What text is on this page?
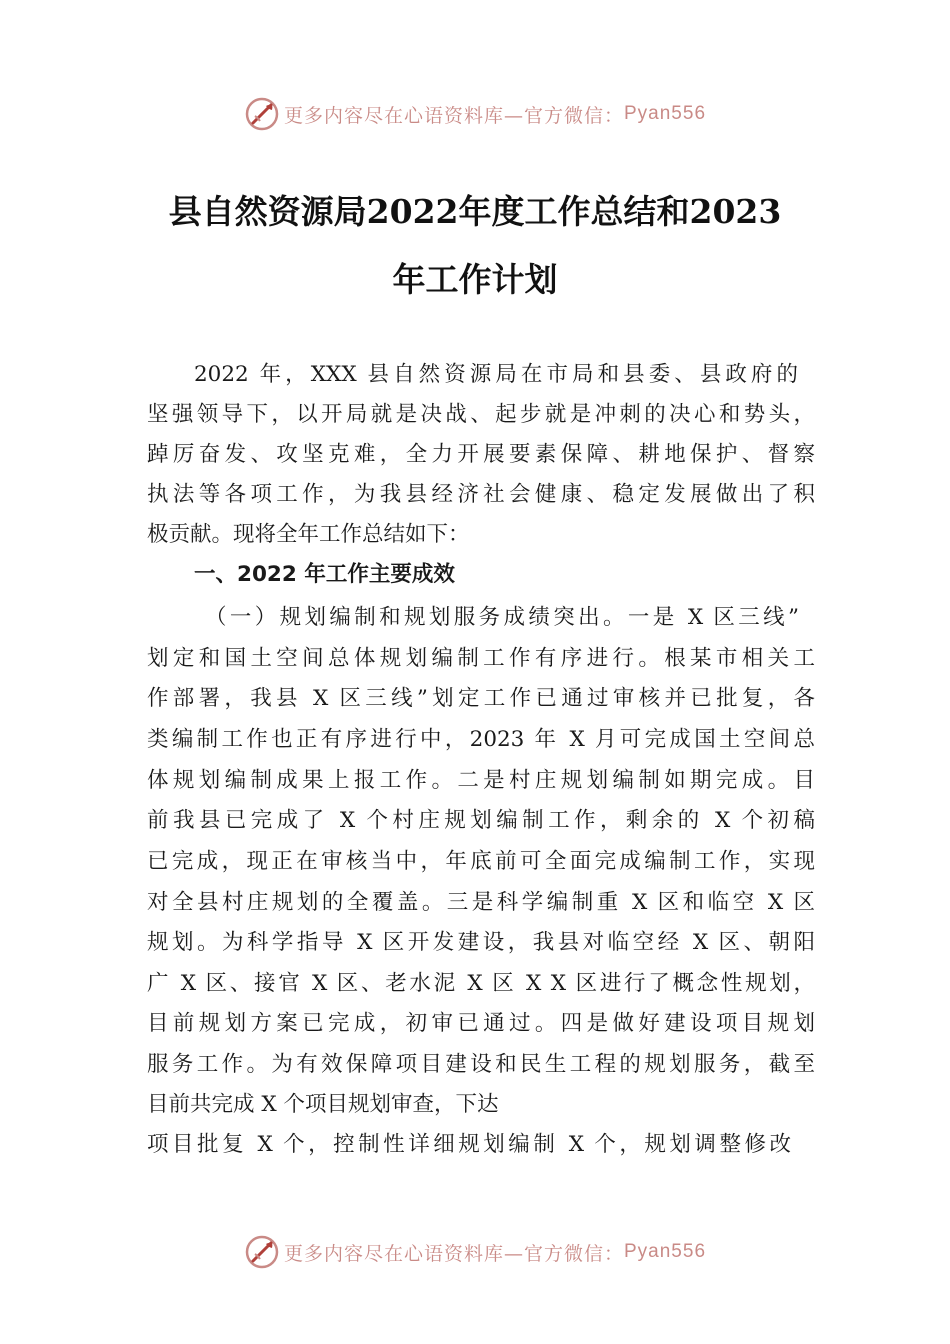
更多内容尽在心语资料库—官方微信： Pyan556
县自然资源局2022年度工作总结和2023
年工作计划
2022 年，XXX 县自然资源局在市局和县委、县政府的
坚强领导下，以开局就是决战、起步就是冲刺的决心和势头，
踔厉奋发、攻坚克难，全力开展要素保障、耕地保护、督察
执法等各项工作，为我县经济社会健康、稳定发展做出了积
极贡献。现将全年工作总结如下：
一、2022 年工作主要成效
（一）规划编制和规划服务成绩突出。一是 X 区三线”
划定和国土空间总体规划编制工作有序进行。根某市相关工
作部署，我县 X 区三线”划定工作已通过审核并已批复，各
类编制工作也正有序进行中，2023 年 X 月可完成国土空间总
体规划编制成果上报工作。二是村庄规划编制如期完成。目
前我县已完成了 X 个村庄规划编制工作，剩余的 X 个初稿
已完成，现正在审核当中，年底前可全面完成编制工作，实现
对全县村庄规划的全覆盖。三是科学编制重 X 区和临空 X 区
规划。为科学指导 X 区开发建设，我县对临空经 X 区、朝阳
广 X 区、接官 X 区、老水泥 X 区 X X 区进行了概念性规划，
目前规划方案已完成，初审已通过。四是做好建设项目规划
服务工作。为有效保障项目建设和民生工程的规划服务，截至
目前共完成 X 个项目规划审查，下达
项目批复 X 个，控制性详细规划编制 X 个，规划调整修改
更多内容尽在心语资料库—官方微信： Pyan556
